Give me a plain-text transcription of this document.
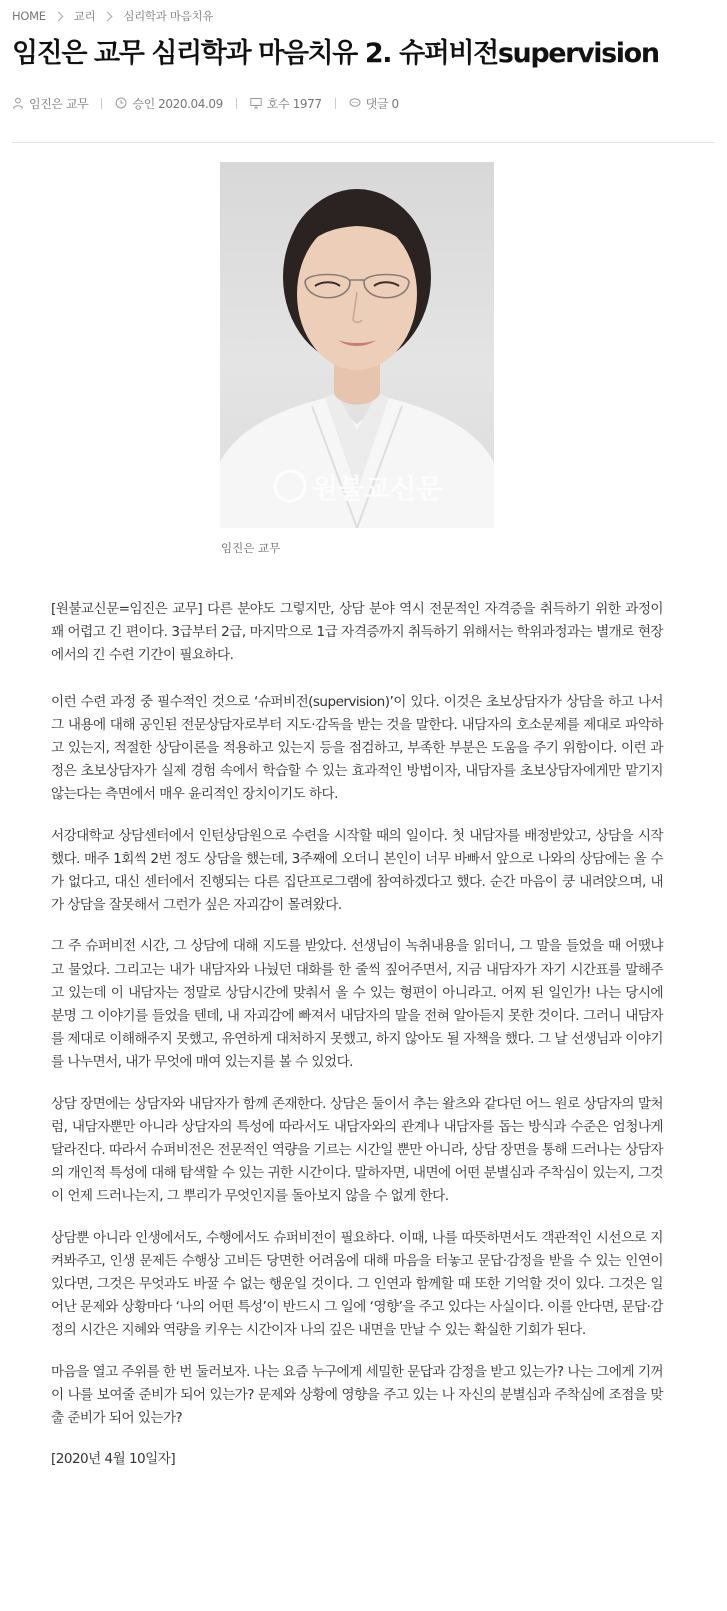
HOME 교리 심리학과 마음치유
임진은 교무 심리학과 마음치유 2. 슈퍼비전supervision
임진은 교무	승인 2020.04.09	호수 1977	댓글 0
원불교신문
임진은 교무

[원불교신문=임진은 교무] 다른 분야도 그렇지만, 상담 분야 역시 전문적인 자격증을 취득하기 위한 과정이 꽤 어렵고 긴 편이다. 3급부터 2급, 마지막으로 1급 자격증까지 취득하기 위해서는 학위과정과는 별개로 현장에서의 긴 수련 기간이 필요하다.

이런 수련 과정 중 필수적인 것으로 ‘슈퍼비전(supervision)’이 있다. 이것은 초보상담자가 상담을 하고 나서 그 내용에 대해 공인된 전문상담자로부터 지도·감독을 받는 것을 말한다. 내담자의 호소문제를 제대로 파악하고 있는지, 적절한 상담이론을 적용하고 있는지 등을 점검하고, 부족한 부분은 도움을 주기 위함이다. 이런 과정은 초보상담자가 실제 경험 속에서 학습할 수 있는 효과적인 방법이자, 내담자를 초보상담자에게만 맡기지 않는다는 측면에서 매우 윤리적인 장치이기도 하다.

서강대학교 상담센터에서 인턴상담원으로 수련을 시작할 때의 일이다. 첫 내담자를 배정받았고, 상담을 시작했다. 매주 1회씩 2번 정도 상담을 했는데, 3주째에 오더니 본인이 너무 바빠서 앞으로 나와의 상담에는 올 수가 없다고, 대신 센터에서 진행되는 다른 집단프로그램에 참여하겠다고 했다. 순간 마음이 쿵 내려앉으며, 내가 상담을 잘못해서 그런가 싶은 자괴감이 몰려왔다.

그 주 슈퍼비전 시간, 그 상담에 대해 지도를 받았다. 선생님이 녹취내용을 읽더니, 그 말을 들었을 때 어땠냐고 물었다. 그리고는 내가 내담자와 나눴던 대화를 한 줄씩 짚어주면서, 지금 내담자가 자기 시간표를 말해주고 있는데 이 내담자는 정말로 상담시간에 맞춰서 올 수 있는 형편이 아니라고. 어찌 된 일인가! 나는 당시에 분명 그 이야기를 들었을 텐데, 내 자괴감에 빠져서 내담자의 말을 전혀 알아듣지 못한 것이다. 그러니 내담자를 제대로 이해해주지 못했고, 유연하게 대처하지 못했고, 하지 않아도 될 자책을 했다. 그 날 선생님과 이야기를 나누면서, 내가 무엇에 매여 있는지를 볼 수 있었다.

상담 장면에는 상담자와 내담자가 함께 존재한다. 상담은 둘이서 추는 왈츠와 같다던 어느 원로 상담자의 말처럼, 내담자뿐만 아니라 상담자의 특성에 따라서도 내담자와의 관계나 내담자를 돕는 방식과 수준은 엄청나게 달라진다. 따라서 슈퍼비전은 전문적인 역량을 기르는 시간일 뿐만 아니라, 상담 장면을 통해 드러나는 상담자의 개인적 특성에 대해 탐색할 수 있는 귀한 시간이다. 말하자면, 내면에 어떤 분별심과 주착심이 있는지, 그것이 언제 드러나는지, 그 뿌리가 무엇인지를 돌아보지 않을 수 없게 한다.

상담뿐 아니라 인생에서도, 수행에서도 슈퍼비전이 필요하다. 이때, 나를 따뜻하면서도 객관적인 시선으로 지켜봐주고, 인생 문제든 수행상 고비든 당면한 어려움에 대해 마음을 터놓고 문답·감정을 받을 수 있는 인연이 있다면, 그것은 무엇과도 바꿀 수 없는 행운일 것이다. 그 인연과 함께할 때 또한 기억할 것이 있다. 그것은 일어난 문제와 상황마다 ‘나의 어떤 특성’이 반드시 그 일에 ‘영향’을 주고 있다는 사실이다. 이를 안다면, 문답·감정의 시간은 지혜와 역량을 키우는 시간이자 나의 깊은 내면을 만날 수 있는 확실한 기회가 된다.

마음을 열고 주위를 한 번 둘러보자. 나는 요즘 누구에게 세밀한 문답과 감정을 받고 있는가? 나는 그에게 기꺼이 나를 보여줄 준비가 되어 있는가? 문제와 상황에 영향을 주고 있는 나 자신의 분별심과 주착심에 조점을 맞출 준비가 되어 있는가?

[2020년 4월 10일자]
